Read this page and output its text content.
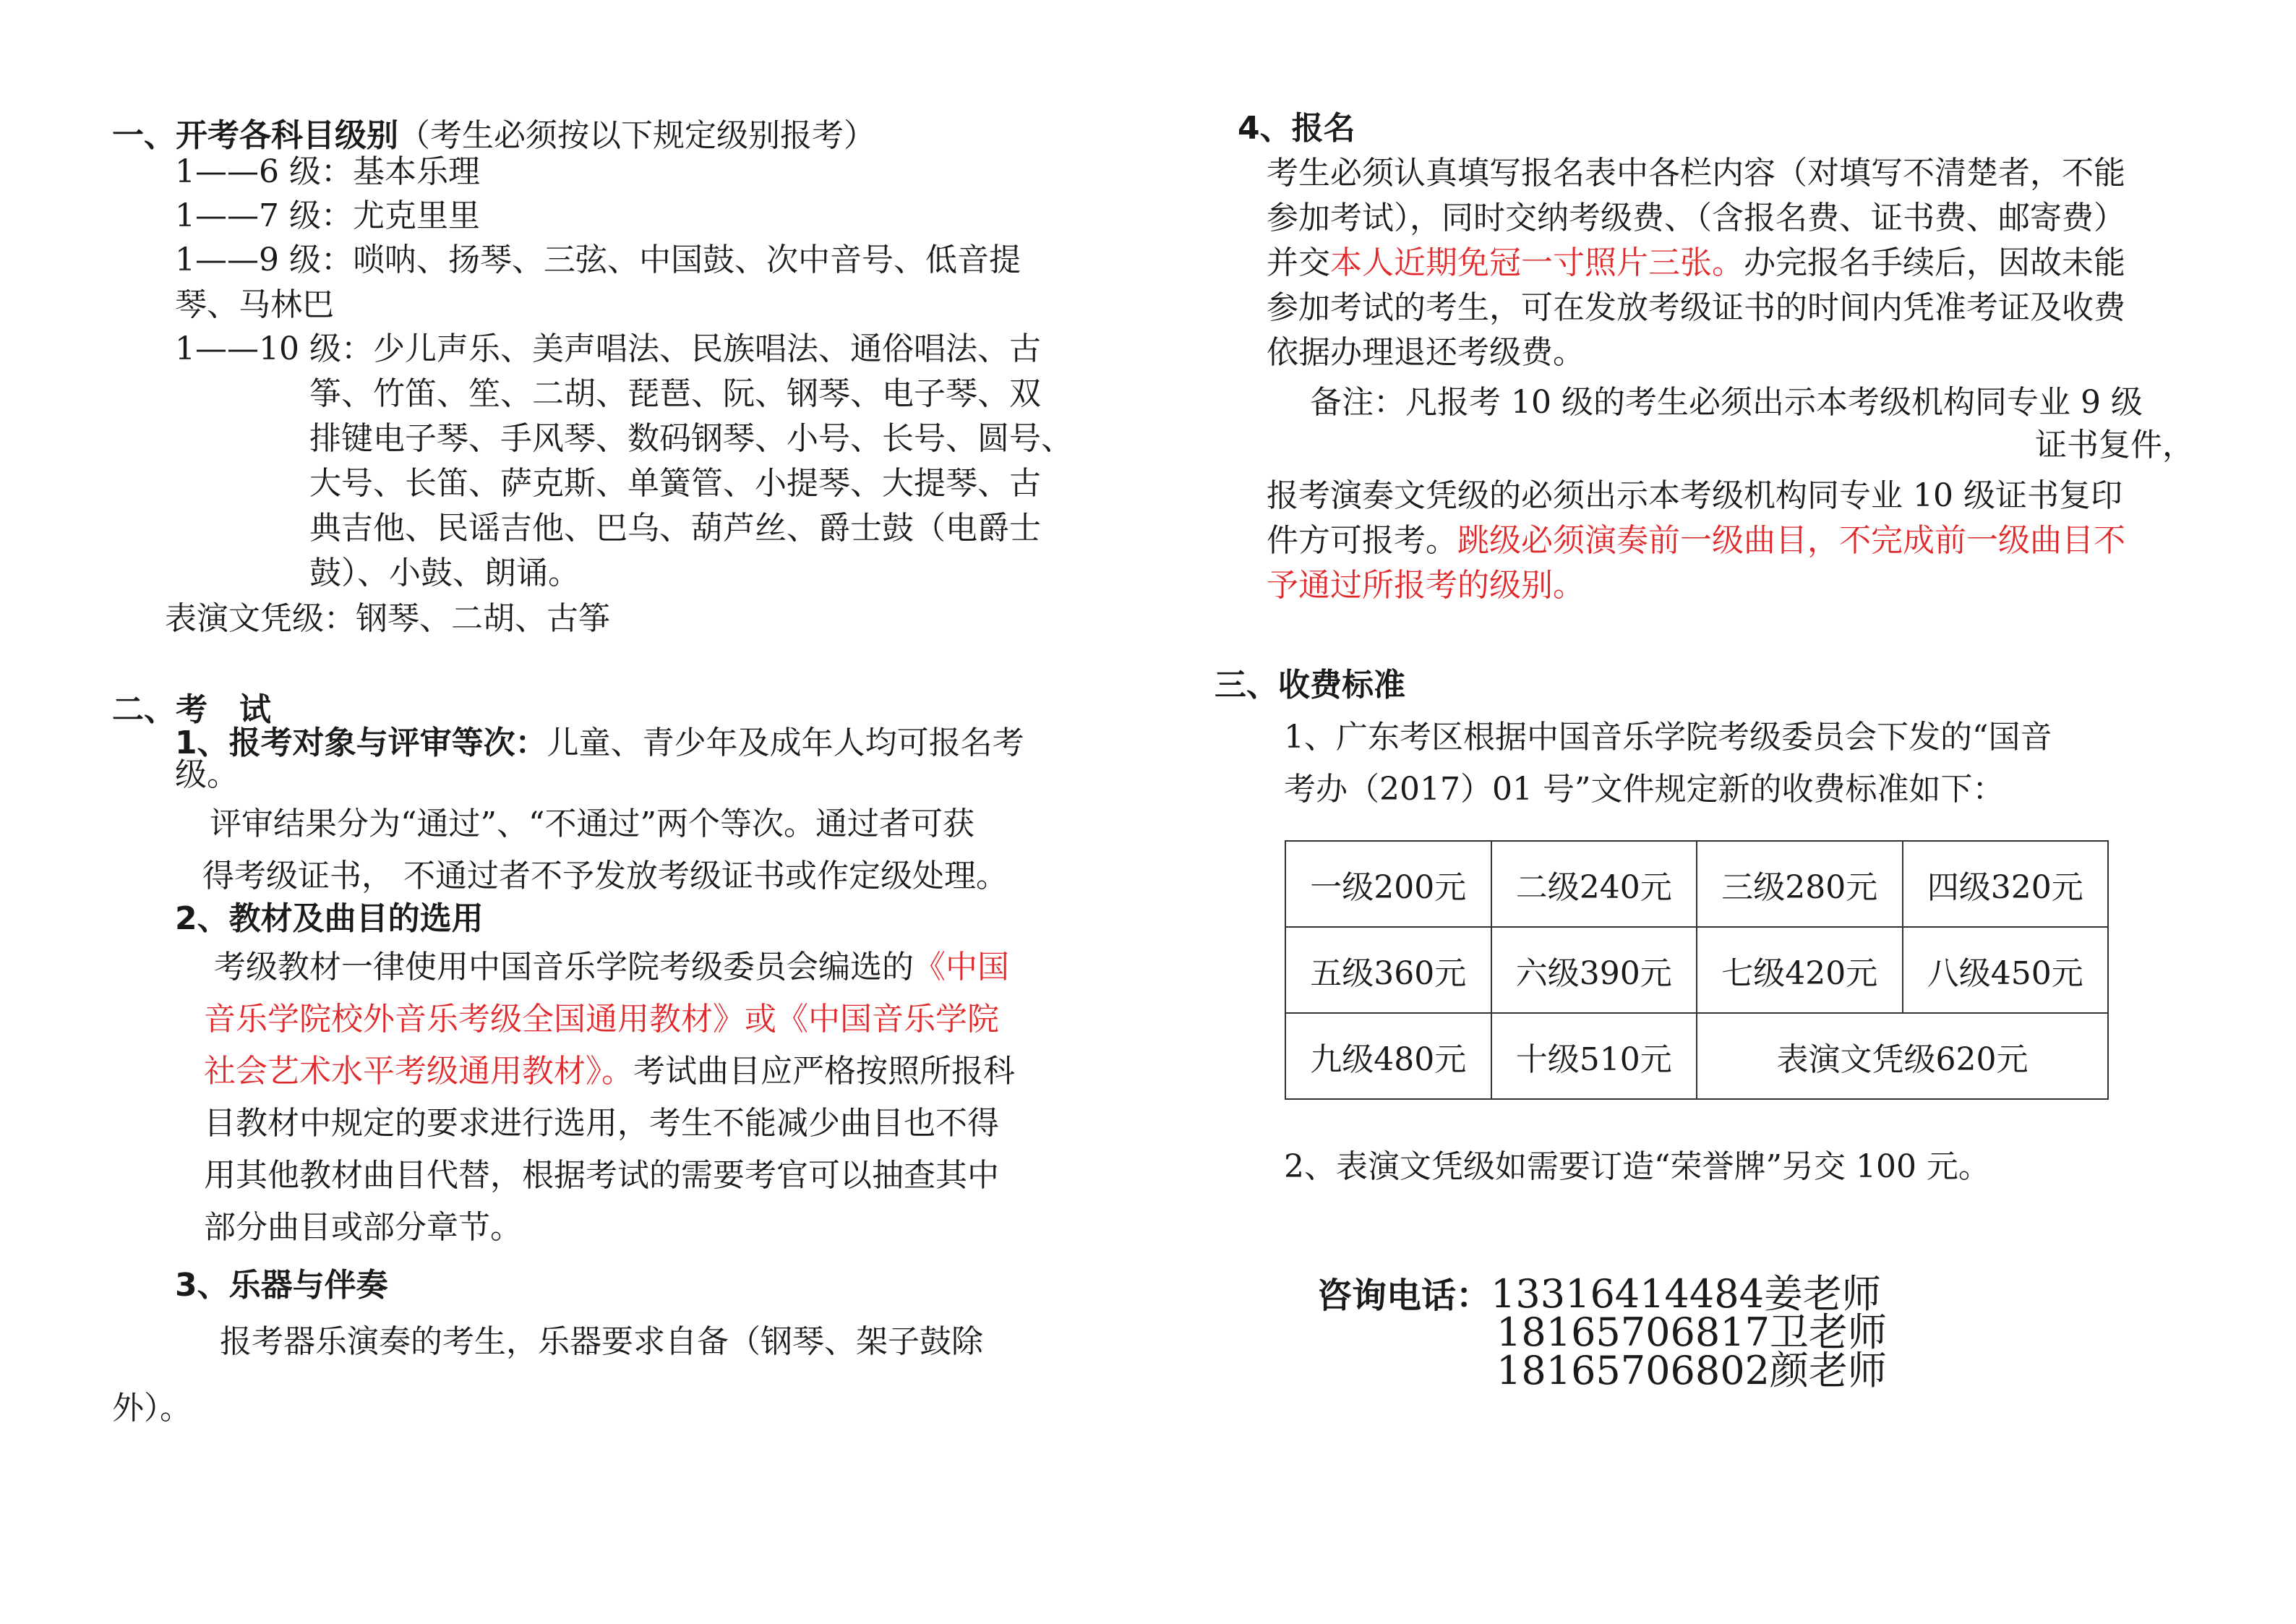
一、开考各科目级别（考生必须按以下规定级别报考）
1——6 级：基本乐理
1——7 级：尤克里里
1——9 级：唢呐、扬琴、三弦、中国鼓、次中音号、低音提
琴、马林巴
1——10 级：少儿声乐、美声唱法、民族唱法、通俗唱法、古
筝、竹笛、笙、二胡、琵琶、阮、钢琴、电子琴、双
排键电子琴、手风琴、数码钢琴、小号、长号、圆号、
大号、长笛、萨克斯、单簧管、小提琴、大提琴、古
典吉他、民谣吉他、巴乌、葫芦丝、爵士鼓（电爵士
鼓）、小鼓、朗诵。
表演文凭级：钢琴、二胡、古筝
二、考　试
1、报考对象与评审等次：儿童、青少年及成年人均可报名考
级。
评审结果分为“通过”、“不通过”两个等次。通过者可获
得考级证书， 不通过者不予发放考级证书或作定级处理。
2、教材及曲目的选用
考级教材一律使用中国音乐学院考级委员会编选的《中国
音乐学院校外音乐考级全国通用教材》或《中国音乐学院
社会艺术水平考级通用教材》。考试曲目应严格按照所报科
目教材中规定的要求进行选用，考生不能减少曲目也不得
用其他教材曲目代替，根据考试的需要考官可以抽查其中
部分曲目或部分章节。
3、乐器与伴奏
报考器乐演奏的考生，乐器要求自备（钢琴、架子鼓除
外）。
4、报名
考生必须认真填写报名表中各栏内容（对填写不清楚者，不能
参加考试），同时交纳考级费、（含报名费、证书费、邮寄费）
并交本人近期免冠一寸照片三张。办完报名手续后，因故未能
参加考试的考生，可在发放考级证书的时间内凭准考证及收费
依据办理退还考级费。
备注：凡报考 10 级的考生必须出示本考级机构同专业 9 级
证书复件，
报考演奏文凭级的必须出示本考级机构同专业 10 级证书复印
件方可报考。跳级必须演奏前一级曲目，不完成前一级曲目不
予通过所报考的级别。
三、收费标准
1、广东考区根据中国音乐学院考级委员会下发的“国音
考办（2017）01 号”文件规定新的收费标准如下：
一级200元	二级240元	三级280元	四级320元
五级360元	六级390元	七级420元	八级450元
九级480元	十级510元	表演文凭级620元	
2、表演文凭级如需要订造“荣誉牌”另交 100 元。
咨询电话：13316414484姜老师
18165706817卫老师
18165706802颜老师
